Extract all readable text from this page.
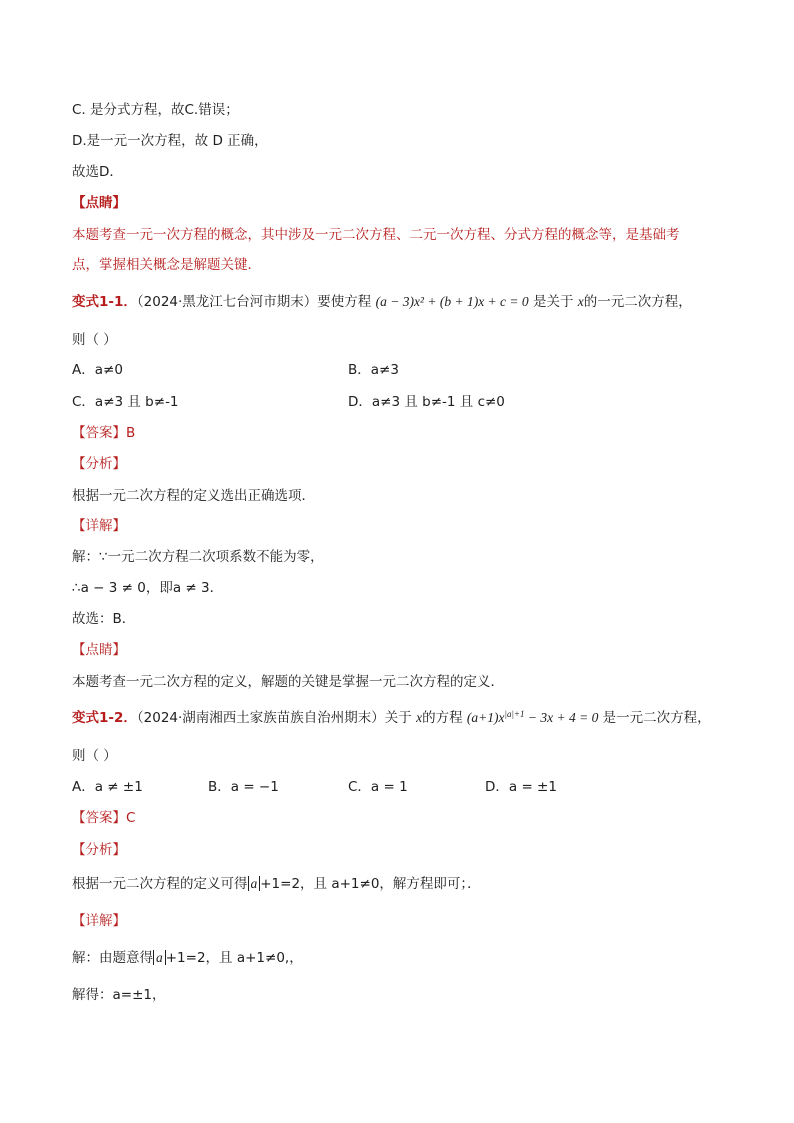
C. 是分式方程，故C.错误；
D.是一元一次方程，故 D 正确，
故选D．
【点睛】
本题考查一元一次方程的概念，其中涉及一元二次方程、二元一次方程、分式方程的概念等，是基础考
点，掌握相关概念是解题关键．
变式1-1．（2024·黑龙江七台河市期末）要使方程 (a − 3)x² + (b + 1)x + c = 0 是关于 x的一元二次方程，
则（ ）
A．a≠0	B．a≠3
C．a≠3 且 b≠-1	D．a≠3 且 b≠-1 且 c≠0
【答案】B
【分析】
根据一元二次方程的定义选出正确选项．
【详解】
解：∵一元二次方程二次项系数不能为零，
∴a − 3 ≠ 0，即a ≠ 3．
故选：B．
【点睛】
本题考查一元二次方程的定义，解题的关键是掌握一元二次方程的定义．
变式1-2．（2024·湖南湘西土家族苗族自治州期末）关于 x的方程 $(a+1)x^{|a|+1} - 3x + 4 = 0$ 是一元二次方程，
则（ ）
A．a ≠ ±1	B．a = −1	C．a = 1	D．a = ±1
【答案】C
【分析】
根据一元二次方程的定义可得 a +1=2，且 a+1≠0，解方程即可；．
【详解】
解：由题意得 a +1=2，且 a+1≠0,，
解得：a=±1，
